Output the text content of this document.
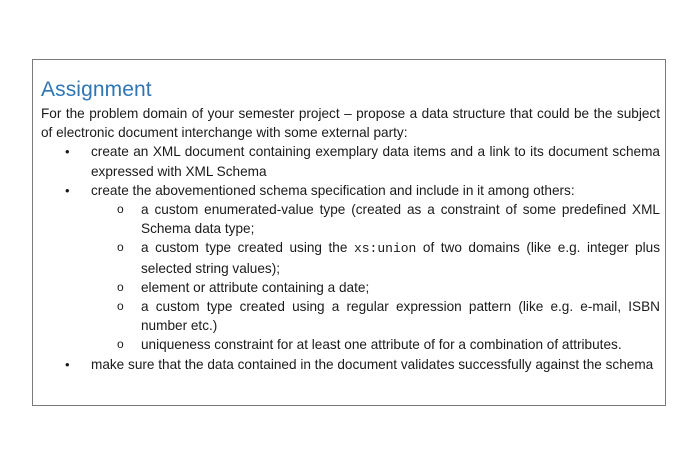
Assignment

For the problem domain of your semester project – propose a data structure that could be the subject of electronic document interchange with some external party:

• create an XML document containing exemplary data items and a link to its document schema expressed with XML Schema
• create the abovementioned schema specification and include in it among others:
o a custom enumerated-value type (created as a constraint of some predefined XML Schema data type;
o a custom type created using the xs:union of two domains (like e.g. integer plus selected string values);
o element or attribute containing a date;
o a custom type created using a regular expression pattern (like e.g. e-mail, ISBN number etc.)
o uniqueness constraint for at least one attribute of for a combination of attributes.
• make sure that the data contained in the document validates successfully against the schema
